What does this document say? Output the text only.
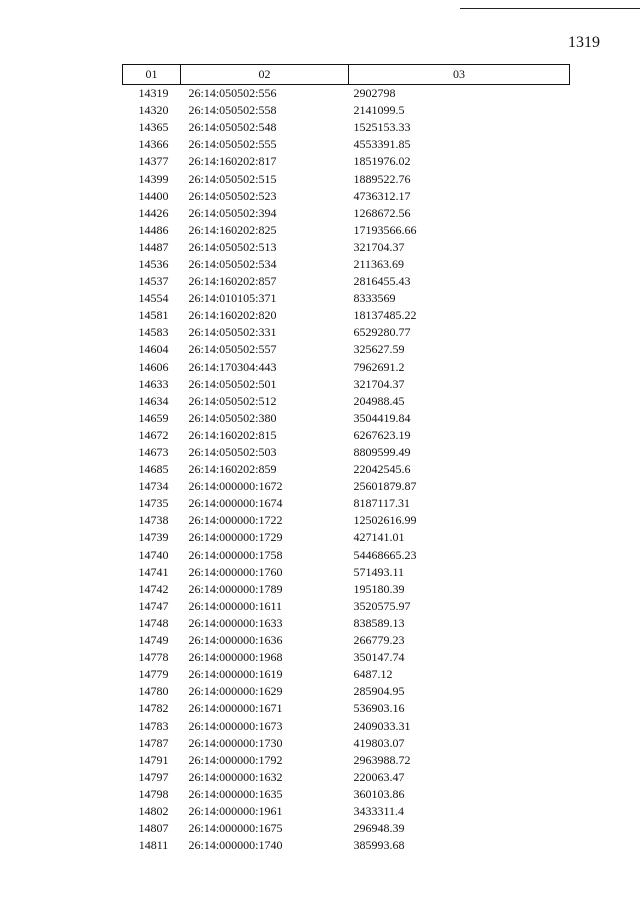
1319
01	02	03
14319	26:14:050502:556	2902798
14320	26:14:050502:558	2141099.5
14365	26:14:050502:548	1525153.33
14366	26:14:050502:555	4553391.85
14377	26:14:160202:817	1851976.02
14399	26:14:050502:515	1889522.76
14400	26:14:050502:523	4736312.17
14426	26:14:050502:394	1268672.56
14486	26:14:160202:825	17193566.66
14487	26:14:050502:513	321704.37
14536	26:14:050502:534	211363.69
14537	26:14:160202:857	2816455.43
14554	26:14:010105:371	8333569
14581	26:14:160202:820	18137485.22
14583	26:14:050502:331	6529280.77
14604	26:14:050502:557	325627.59
14606	26:14:170304:443	7962691.2
14633	26:14:050502:501	321704.37
14634	26:14:050502:512	204988.45
14659	26:14:050502:380	3504419.84
14672	26:14:160202:815	6267623.19
14673	26:14:050502:503	8809599.49
14685	26:14:160202:859	22042545.6
14734	26:14:000000:1672	25601879.87
14735	26:14:000000:1674	8187117.31
14738	26:14:000000:1722	12502616.99
14739	26:14:000000:1729	427141.01
14740	26:14:000000:1758	54468665.23
14741	26:14:000000:1760	571493.11
14742	26:14:000000:1789	195180.39
14747	26:14:000000:1611	3520575.97
14748	26:14:000000:1633	838589.13
14749	26:14:000000:1636	266779.23
14778	26:14:000000:1968	350147.74
14779	26:14:000000:1619	6487.12
14780	26:14:000000:1629	285904.95
14782	26:14:000000:1671	536903.16
14783	26:14:000000:1673	2409033.31
14787	26:14:000000:1730	419803.07
14791	26:14:000000:1792	2963988.72
14797	26:14:000000:1632	220063.47
14798	26:14:000000:1635	360103.86
14802	26:14:000000:1961	3433311.4
14807	26:14:000000:1675	296948.39
14811	26:14:000000:1740	385993.68
